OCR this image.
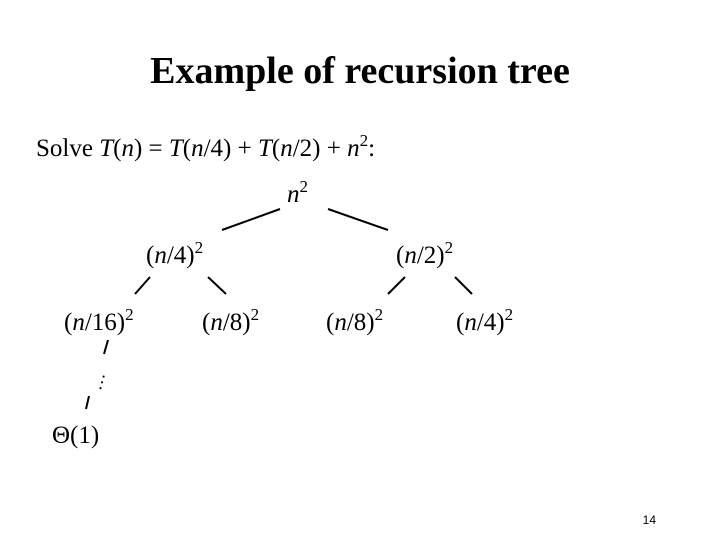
Example of recursion tree
Solve $T(n) = T(n/4) + T(n/2) + n^2$:
$n^2$
$(n/4)^2$	$(n/2)^2$
$(n/16)^2$	$(n/8)^2$	$(n/8)^2$	$(n/4)^2$
…
Θ(1)
14
